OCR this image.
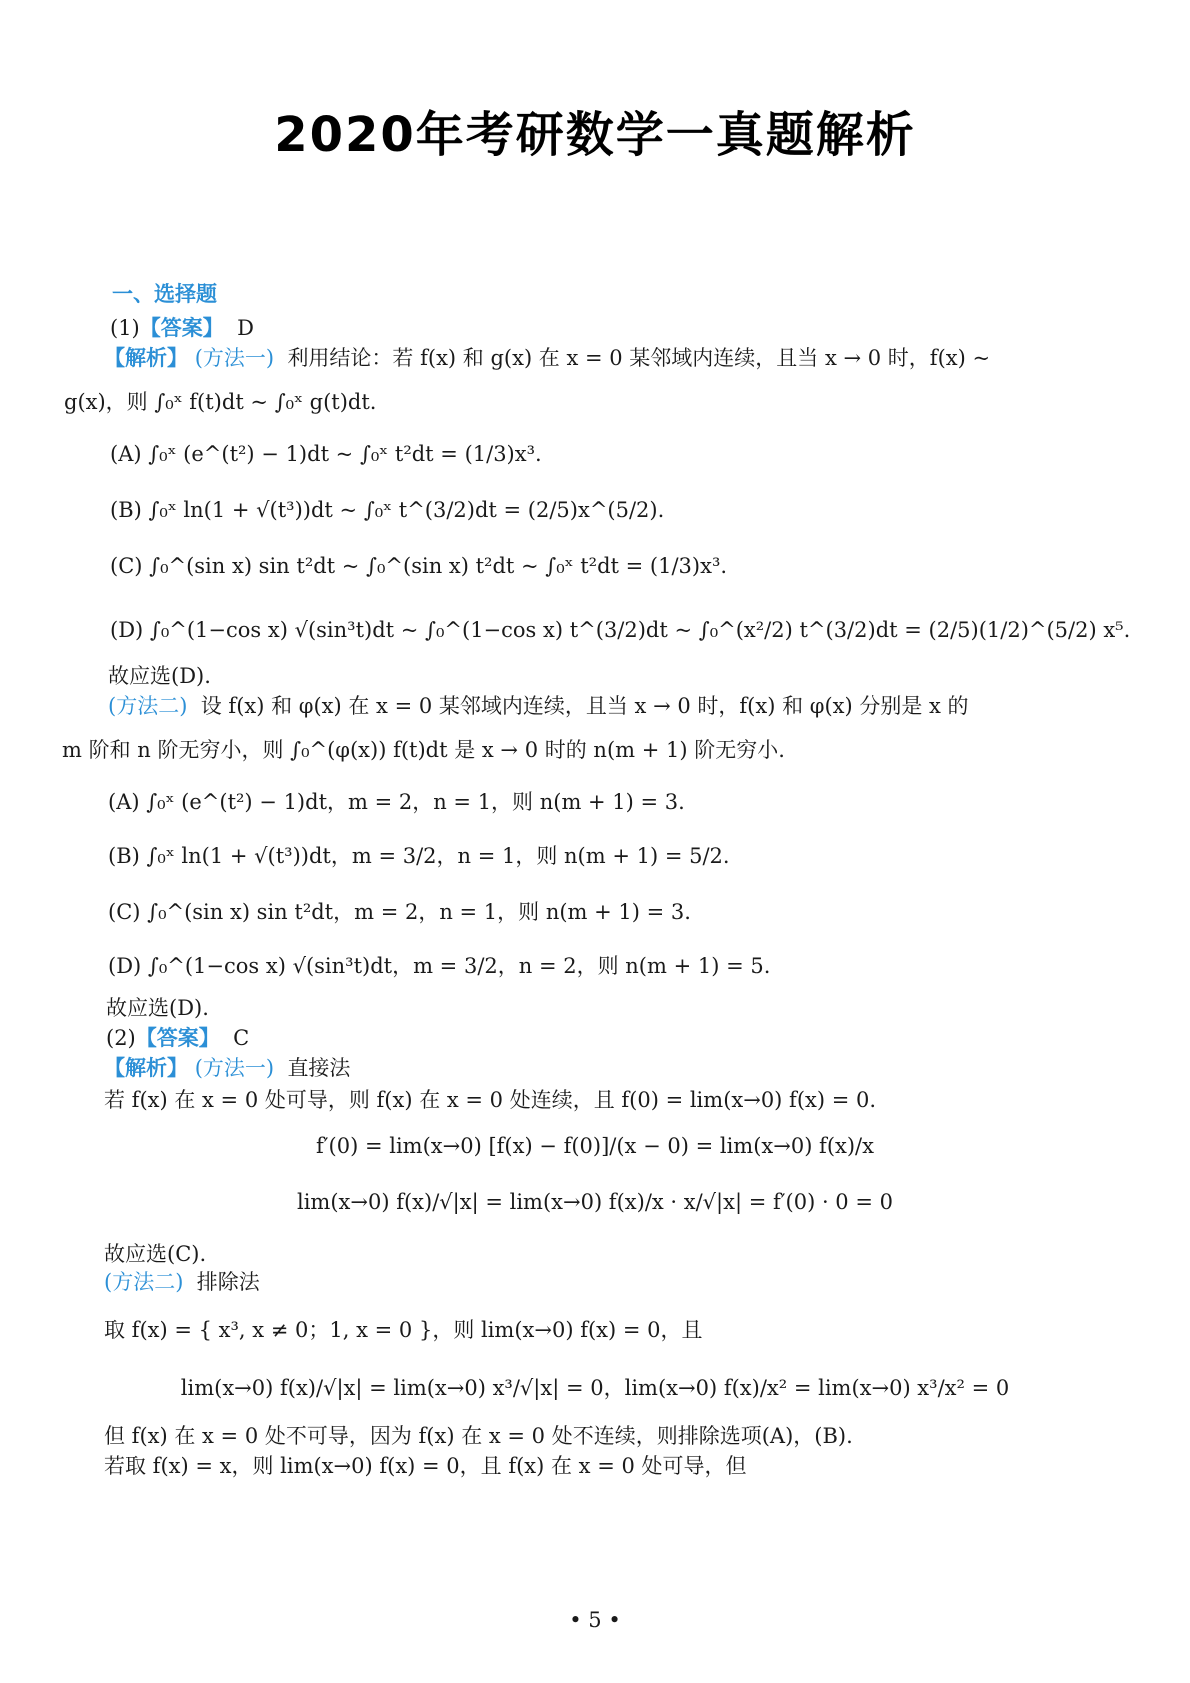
2020年考研数学一真题解析
一、选择题
(1)【答案】 D
【解析】 (方法一) 利用结论：若 f(x) 和 g(x) 在 x = 0 某邻域内连续，且当 x → 0 时，f(x) ~
g(x)，则 ∫₀ˣ f(t)dt ~ ∫₀ˣ g(t)dt.
(A) ∫₀ˣ (e^(t²) − 1)dt ~ ∫₀ˣ t²dt = (1/3)x³.
(B) ∫₀ˣ ln(1 + √(t³))dt ~ ∫₀ˣ t^(3/2)dt = (2/5)x^(5/2).
(C) ∫₀^(sin x) sin t²dt ~ ∫₀^(sin x) t²dt ~ ∫₀ˣ t²dt = (1/3)x³.
(D) ∫₀^(1−cos x) √(sin³t)dt ~ ∫₀^(1−cos x) t^(3/2)dt ~ ∫₀^(x²/2) t^(3/2)dt = (2/5)(1/2)^(5/2) x⁵.
故应选(D).
(方法二) 设 f(x) 和 φ(x) 在 x = 0 某邻域内连续，且当 x → 0 时，f(x) 和 φ(x) 分别是 x 的
m 阶和 n 阶无穷小，则 ∫₀^(φ(x)) f(t)dt 是 x → 0 时的 n(m + 1) 阶无穷小.
(A) ∫₀ˣ (e^(t²) − 1)dt，m = 2，n = 1，则 n(m + 1) = 3.
(B) ∫₀ˣ ln(1 + √(t³))dt，m = 3/2，n = 1，则 n(m + 1) = 5/2.
(C) ∫₀^(sin x) sin t²dt，m = 2，n = 1，则 n(m + 1) = 3.
(D) ∫₀^(1−cos x) √(sin³t)dt，m = 3/2，n = 2，则 n(m + 1) = 5.
故应选(D).
(2)【答案】 C
【解析】 (方法一) 直接法
若 f(x) 在 x = 0 处可导，则 f(x) 在 x = 0 处连续，且 f(0) = lim(x→0) f(x) = 0.
f′(0) = lim(x→0) [f(x) − f(0)]/(x − 0) = lim(x→0) f(x)/x
lim(x→0) f(x)/√|x| = lim(x→0) f(x)/x · x/√|x| = f′(0) · 0 = 0
故应选(C).
(方法二) 排除法
取 f(x) = { x³, x ≠ 0；1, x = 0 }，则 lim(x→0) f(x) = 0，且
lim(x→0) f(x)/√|x| = lim(x→0) x³/√|x| = 0，lim(x→0) f(x)/x² = lim(x→0) x³/x² = 0
但 f(x) 在 x = 0 处不可导，因为 f(x) 在 x = 0 处不连续，则排除选项(A)，(B).
若取 f(x) = x，则 lim(x→0) f(x) = 0，且 f(x) 在 x = 0 处可导，但
• 5 •
